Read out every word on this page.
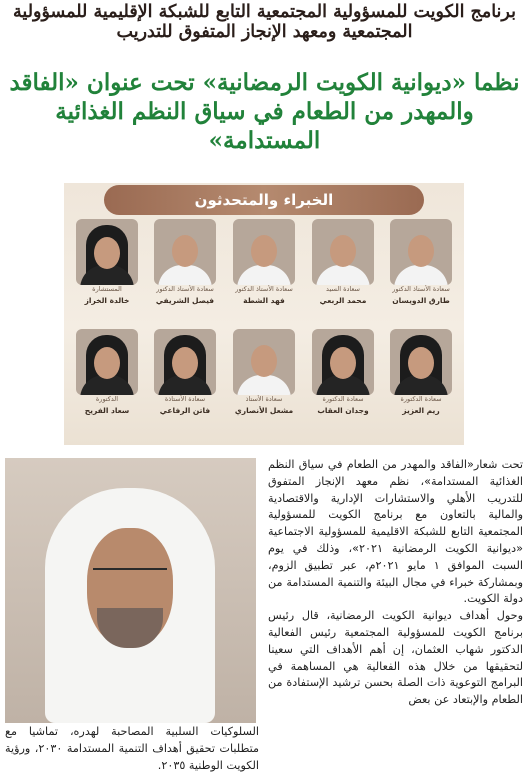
برنامج الكويت للمسؤولية المجتمعية التابع للشبكة الإقليمية للمسؤولية المجتمعية ومعهد الإنجاز المتفوق للتدريب
نظما «ديوانية الكويت الرمضانية» تحت عنوان «الفاقد والمهدر من الطعام في سياق النظم الغذائية المستدامة»
الخبراء والمتحدثون
سعادة الأستاذ الدكتور
طارق الدويسان
سعادة السيد
محمد الربعي
سعادة الأستاذ الدكتور
فهد الشطة
سعادة الأستاذ الدكتور
فيصل الشريفي
المستشارة
خالدة الخراز
سعادة الدكتورة
ريم العزيز
سعادة الدكتورة
وجدان العقاب
سعادة الأستاذ
مشعل الأنصاري
سعادة الأستاذة
فاتن الرفاعي
الدكتورة
سعاد الفريح
تحت شعار«الفاقد والمهدر من الطعام في سياق النظم الغذائية المستدامة»، نظم معهد الإنجاز المتفوق للتدريب الأهلي والاستشارات الإدارية والاقتصادية والمالية بالتعاون مع برنامج الكويت للمسؤولية المجتمعية التابع للشبكة الاقليمية للمسؤولية الاجتماعية «ديوانية الكويت الرمضانية ٢٠٢١»، وذلك في يوم السبت الموافق ١ مايو ٢٠٢١م، عبر تطبيق الزوم، وبمشاركة خبراء في مجال البيئة والتنمية المستدامة من دولة الكويت.
وحول أهداف ديوانية الكويت الرمضانية، قال رئيس برنامج الكويت للمسؤولية المجتمعية رئيس الفعالية الدكتور شهاب العثمان، إن أهم الأهداف التي سعينا لتحقيقها من خلال هذه الفعالية هي المساهمة في البرامج التوعوية ذات الصلة بحسن ترشيد الإستفادة من الطعام والإبتعاد عن بعض
السلوكيات السلبية المصاحبة لهدره، تماشيا مع متطلبات تحقيق أهداف التنمية المستدامة ٢٠٣٠، ورؤية الكويت الوطنية ٢٠٣٥.
